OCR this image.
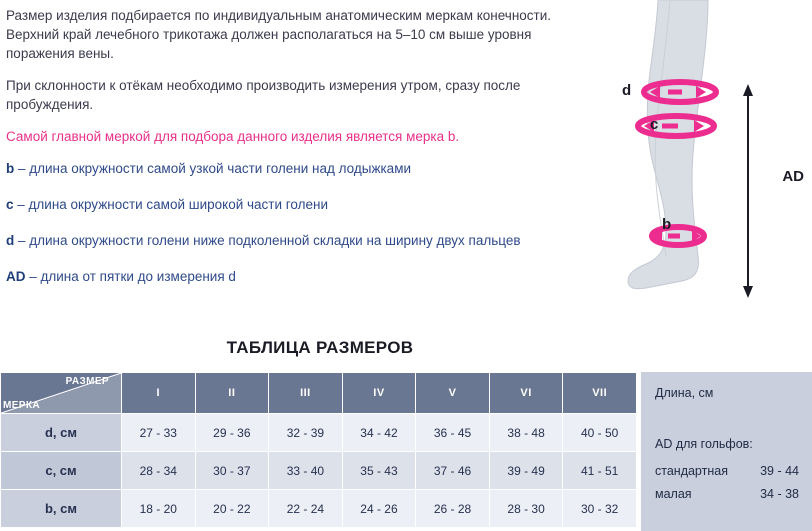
Размер изделия подбирается по индивидуальным анатомическим меркам конечности. Верхний край лечебного трикотажа должен располагаться на 5–10 см выше уровня поражения вены.
При склонности к отёкам необходимо производить измерения утром, сразу после пробуждения.
Самой главной меркой для подбора данного изделия является мерка b.
b – длина окружности самой узкой части голени над лодыжками
c – длина окружности самой широкой части голени
d – длина окружности голени ниже подколенной складки на ширину двух пальцев
AD – длина от пятки до измерения d
d
c
b
AD
ТАБЛИЦА РАЗМЕРОВ
РАЗМЕР
МЕРКА	I	II	III	IV	V	VI	VII
d, см	27 - 33	29 - 36	32 - 39	34 - 42	36 - 45	38 - 48	40 - 50
c, см	28 - 34	30 - 37	33 - 40	35 - 43	37 - 46	39 - 49	41 - 51
b, см	18 - 20	20 - 22	22 - 24	24 - 26	26 - 28	28 - 30	30 - 32
Длина, см
AD для гольфов:
стандартная	39 - 44
малая	34 - 38
